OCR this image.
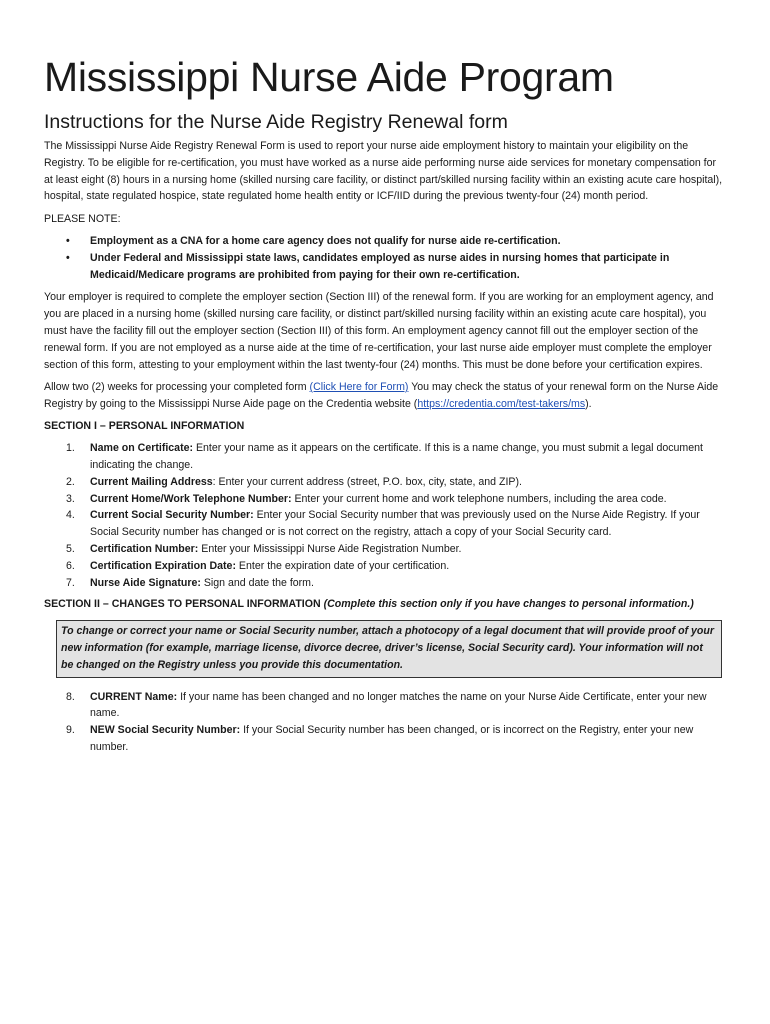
Mississippi Nurse Aide Program
Instructions for the Nurse Aide Registry Renewal form

The Mississippi Nurse Aide Registry Renewal Form is used to report your nurse aide employment history to maintain your eligibility on the Registry. To be eligible for re-certification, you must have worked as a nurse aide performing nurse aide services for monetary compensation for at least eight (8) hours in a nursing home (skilled nursing care facility, or distinct part/skilled nursing facility within an existing acute care hospital), hospital, state regulated hospice, state regulated home health entity or ICF/IID during the previous twenty-four (24) month period.

PLEASE NOTE:

• Employment as a CNA for a home care agency does not qualify for nurse aide re-certification.
• Under Federal and Mississippi state laws, candidates employed as nurse aides in nursing homes that participate in Medicaid/Medicare programs are prohibited from paying for their own re-certification.

Your employer is required to complete the employer section (Section III) of the renewal form. If you are working for an employment agency, and you are placed in a nursing home (skilled nursing care facility, or distinct part/skilled nursing facility within an existing acute care hospital), you must have the facility fill out the employer section (Section III) of this form. An employment agency cannot fill out the employer section of the renewal form. If you are not employed as a nurse aide at the time of re-certification, your last nurse aide employer must complete the employer section of this form, attesting to your employment within the last twenty-four (24) months. This must be done before your certification expires.

Allow two (2) weeks for processing your completed form (Click Here for Form) You may check the status of your renewal form on the Nurse Aide Registry by going to the Mississippi Nurse Aide page on the Credentia website (https://credentia.com/test-takers/ms).

SECTION I – PERSONAL INFORMATION

1. Name on Certificate: Enter your name as it appears on the certificate. If this is a name change, you must submit a legal document indicating the change.
2. Current Mailing Address: Enter your current address (street, P.O. box, city, state, and ZIP).
3. Current Home/Work Telephone Number: Enter your current home and work telephone numbers, including the area code.
4. Current Social Security Number: Enter your Social Security number that was previously used on the Nurse Aide Registry. If your Social Security number has changed or is not correct on the registry, attach a copy of your Social Security card.
5. Certification Number: Enter your Mississippi Nurse Aide Registration Number.
6. Certification Expiration Date: Enter the expiration date of your certification.
7. Nurse Aide Signature: Sign and date the form.

SECTION II – CHANGES TO PERSONAL INFORMATION (Complete this section only if you have changes to personal information.)

To change or correct your name or Social Security number, attach a photocopy of a legal document that will provide proof of your new information (for example, marriage license, divorce decree, driver’s license, Social Security card). Your information will not be changed on the Registry unless you provide this documentation.
8. CURRENT Name: If your name has been changed and no longer matches the name on your Nurse Aide Certificate, enter your new name.
9. NEW Social Security Number: If your Social Security number has been changed, or is incorrect on the Registry, enter your new number.
